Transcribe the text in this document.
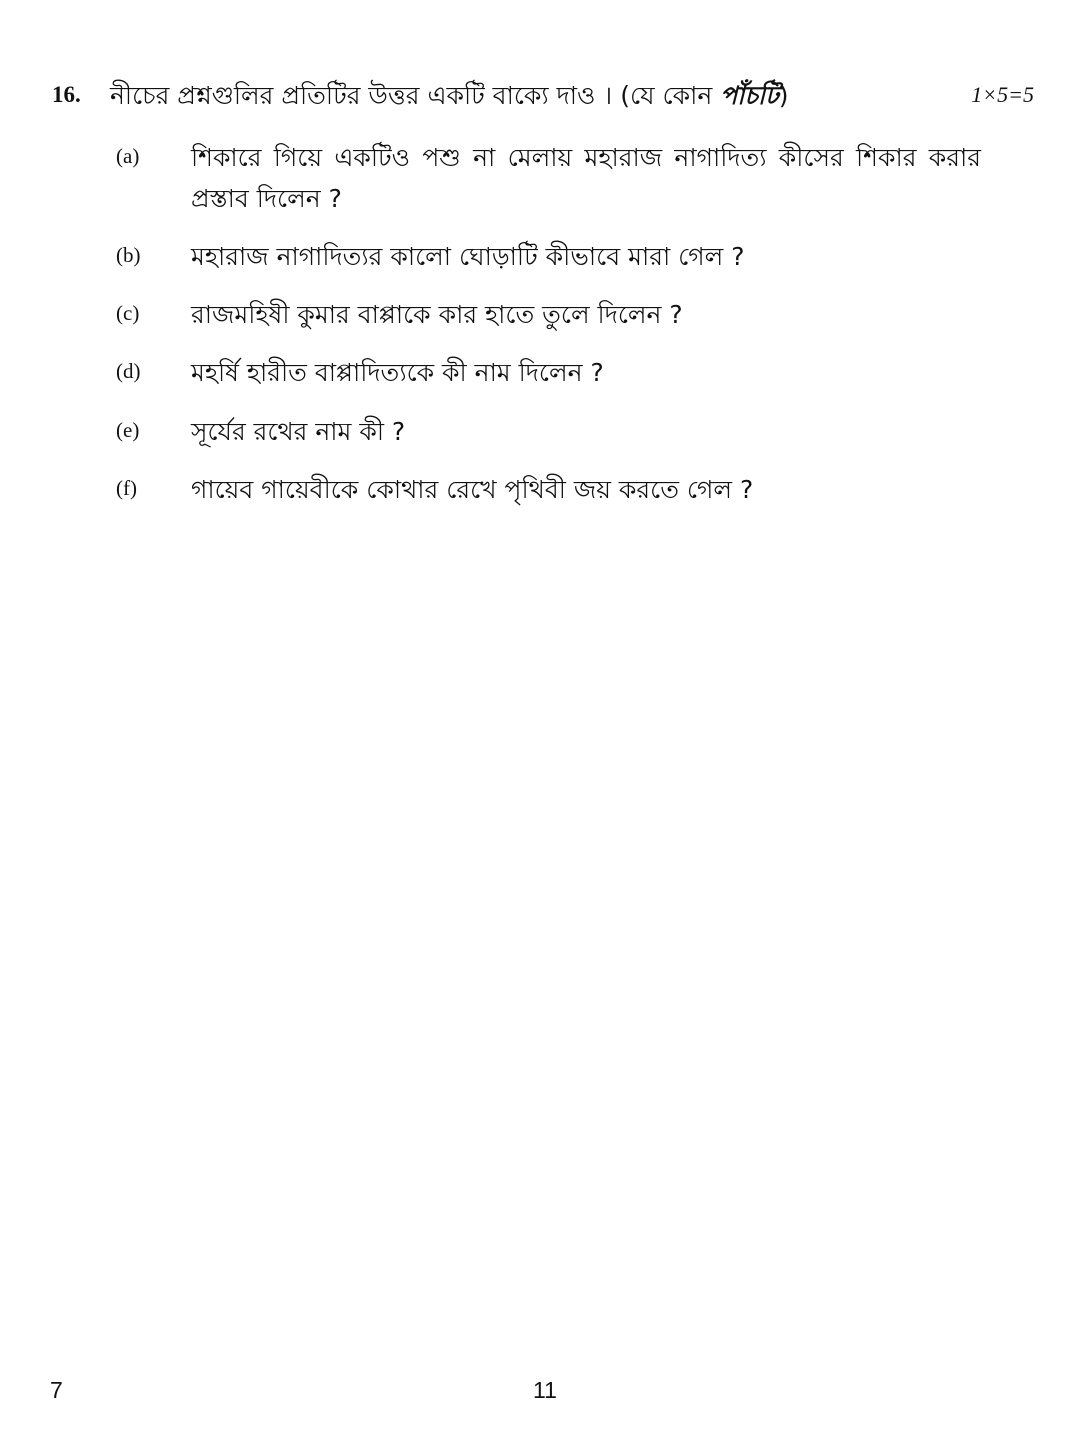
16. নীচের প্রশ্নগুলির প্রতিটির উত্তর একটি বাক্যে দাও । (যে কোন পাঁচটি)	1×5=5
(a) শিকারে গিয়ে একটিও পশু না মেলায় মহারাজ নাগাদিত্য কীসের শিকার করার প্রস্তাব দিলেন ?
(b) মহারাজ নাগাদিত্যর কালো ঘোড়াটি কীভাবে মারা গেল ?
(c) রাজমহিষী কুমার বাপ্পাকে কার হাতে তুলে দিলেন ?
(d) মহর্ষি হারীত বাপ্পাদিত্যকে কী নাম দিলেন ?
(e) সূর্যের রথের নাম কী ?
(f) গায়েব গায়েবীকে কোথার রেখে পৃথিবী জয় করতে গেল ?
7	11
